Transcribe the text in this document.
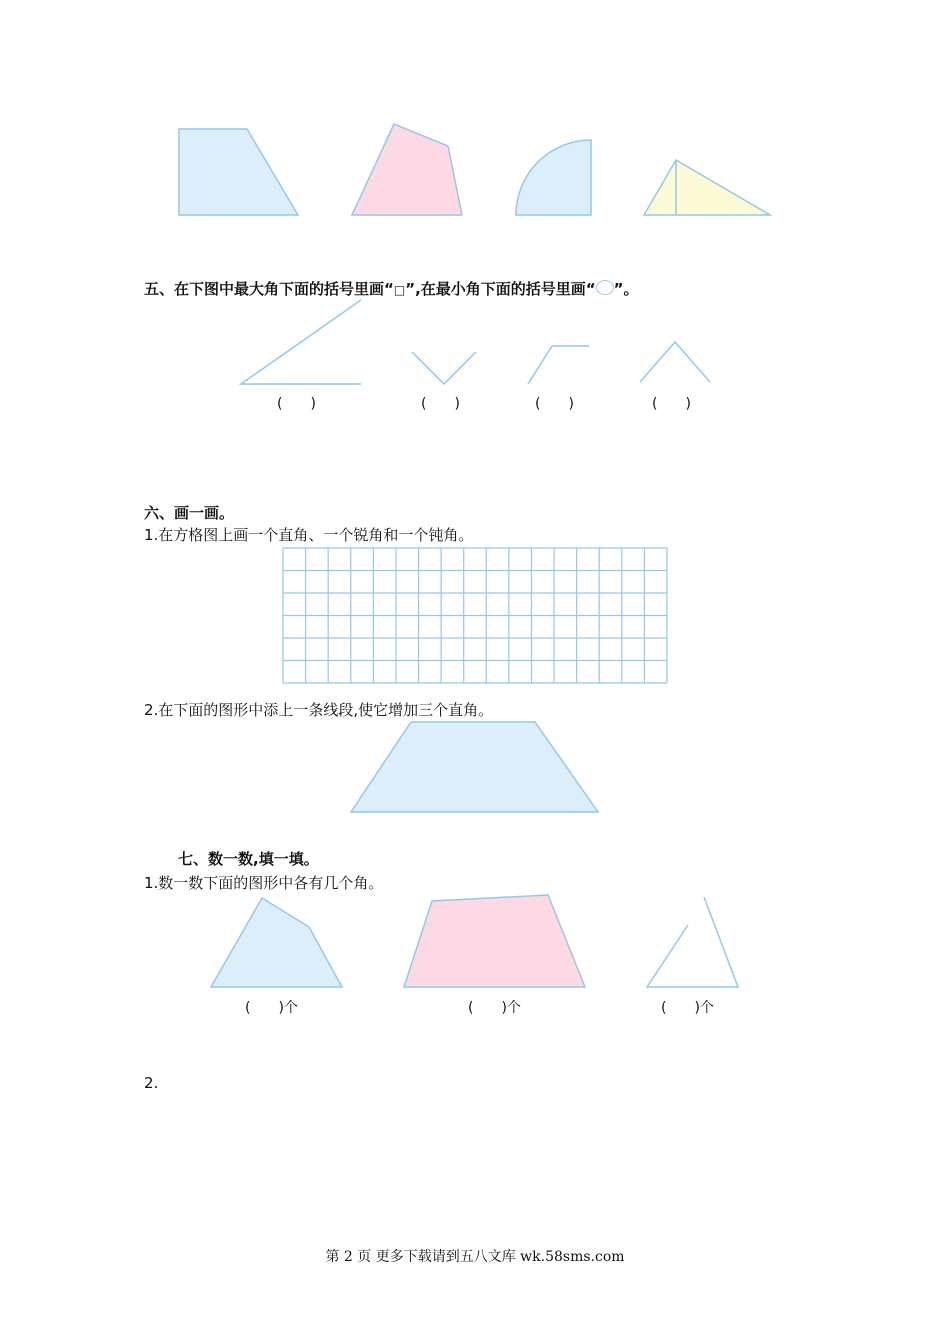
五、在下图中最大角下面的括号里画“□”,在最小角下面的括号里画“ ”。
(　　)	(　　)	(　　)	(　　)
六、画一画。
1.在方格图上画一个直角、一个锐角和一个钝角。
2.在下面的图形中添上一条线段,使它增加三个直角。
七、数一数,填一填。
1.数一数下面的图形中各有几个角。
(　　)个	(　　)个	(　　)个
2.
第 2 页 更多下载请到五八文库 wk.58sms.com
